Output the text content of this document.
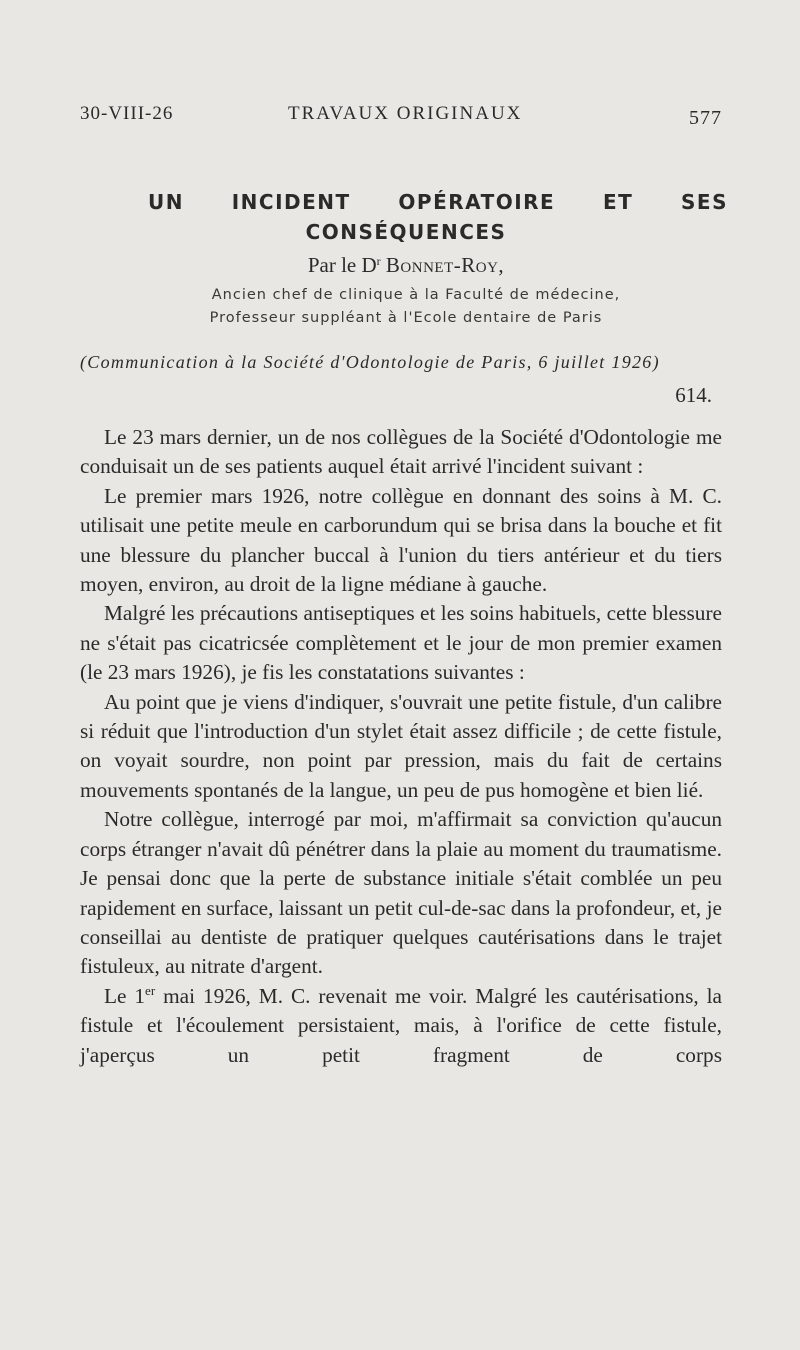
30-VIII-26	TRAVAUX ORIGINAUX	577
UN INCIDENT OPÉRATOIRE ET SES
CONSÉQUENCES
Par le $D^r$ Bonnet-Roy,
Ancien chef de clinique à la Faculté de médecine,
Professeur suppléant à l'Ecole dentaire de Paris
(Communication à la Société d'Odontologie de Paris, 6 juillet 1926)
614.

Le 23 mars dernier, un de nos collègues de la Société d'Odontologie me conduisait un de ses patients auquel était arrivé l'incident suivant :

Le premier mars 1926, notre collègue en donnant des soins à M. C. utilisait une petite meule en carborundum qui se brisa dans la bouche et fit une blessure du plancher buccal à l'union du tiers antérieur et du tiers moyen, environ, au droit de la ligne médiane à gauche.

Malgré les précautions antiseptiques et les soins habituels, cette blessure ne s'était pas cicatricsée complètement et le jour de mon premier examen (le 23 mars 1926), je fis les constatations suivantes :

Au point que je viens d'indiquer, s'ouvrait une petite fistule, d'un calibre si réduit que l'introduction d'un stylet était assez difficile ; de cette fistule, on voyait sourdre, non point par pression, mais du fait de certains mouvements spontanés de la langue, un peu de pus homogène et bien lié.

Notre collègue, interrogé par moi, m'affirmait sa conviction qu'aucun corps étranger n'avait dû pénétrer dans la plaie au moment du traumatisme. Je pensai donc que la perte de substance initiale s'était comblée un peu rapidement en surface, laissant un petit cul-de-sac dans la profondeur, et, je conseillai au dentiste de pratiquer quelques cautérisations dans le trajet fistuleux, au nitrate d'argent.

Le 1er mai 1926, M. C. revenait me voir. Malgré les cautérisations, la fistule et l'écoulement persistaient, mais, à l'orifice de cette fistule, j'aperçus un petit fragment de corps
